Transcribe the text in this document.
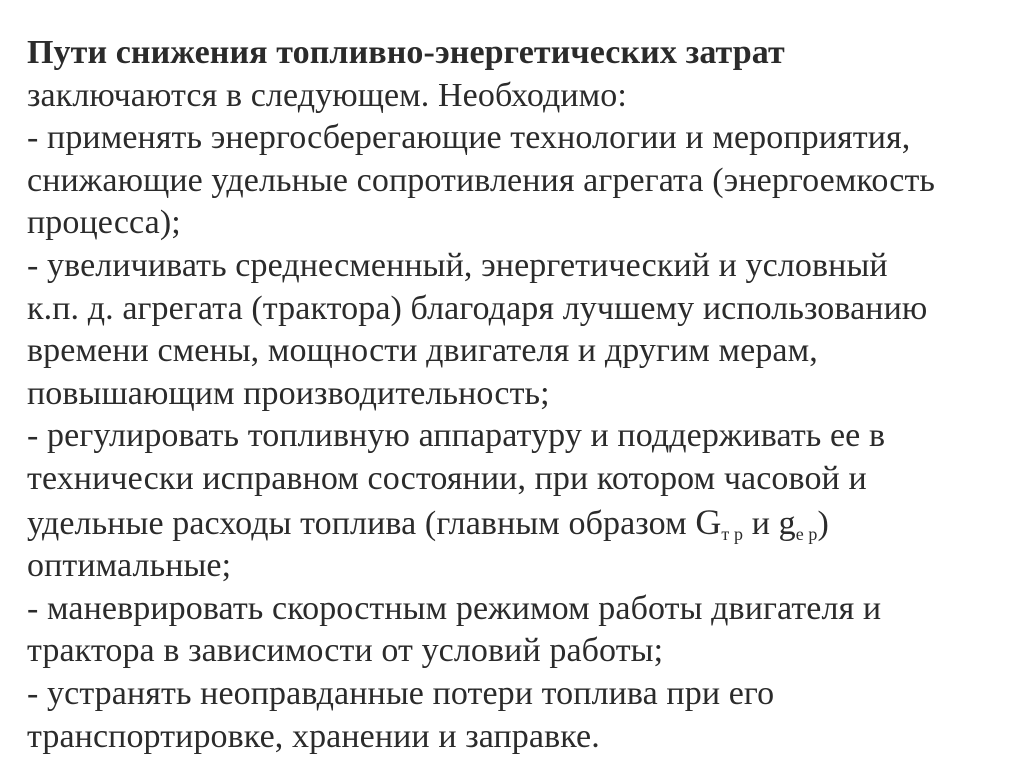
Пути снижения топливно-энергетических затрат
заключаются в следующем. Необходимо:
- применять энергосберегающие технологии и мероприятия,
снижающие удельные сопротивления агрегата (энергоемкость
процесса);
- увеличивать среднесменный, энергетический и условный
к.п. д. агрегата (трактора) благодаря лучшему использованию
времени смены, мощности двигателя и другим мерам,
повышающим производительность;
- регулировать топливную аппаратуру и поддерживать ее в
технически исправном состоянии, при котором часовой и
удельные расходы топлива (главным образом $G_{т р}$ и $g_{е р}$)
оптимальные;
- маневрировать скоростным режимом работы двигателя и
трактора в зависимости от условий работы;
- устранять неоправданные потери топлива при его
транспортировке, хранении и заправке.
